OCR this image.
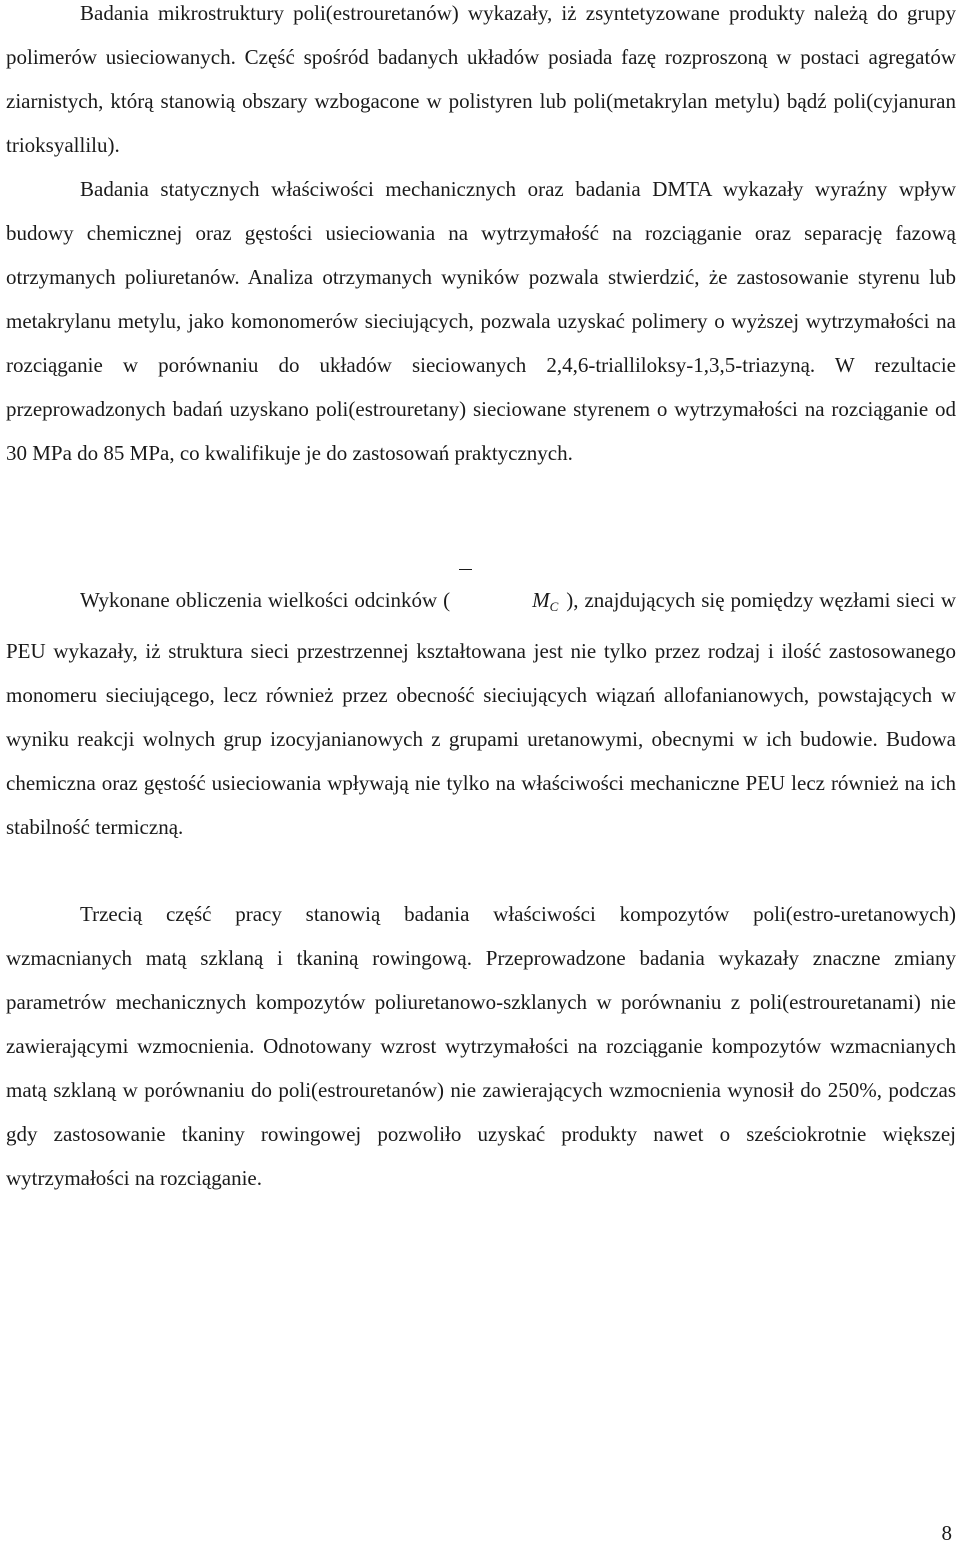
Badania mikrostruktury poli(estrouretanów) wykazały, iż zsyntetyzowane produkty należą do grupy polimerów usieciowanych. Część spośród badanych układów posiada fazę rozproszoną w postaci agregatów ziarnistych, którą stanowią obszary wzbogacone w polistyren lub poli(metakrylan metylu) bądź poli(cyjanuran trioksyallilu).

Badania statycznych właściwości mechanicznych oraz badania DMTA wykazały wyraźny wpływ budowy chemicznej oraz gęstości usieciowania na wytrzymałość na rozciąganie oraz separację fazową otrzymanych poliuretanów. Analiza otrzymanych wyników pozwala stwierdzić, że zastosowanie styrenu lub metakrylanu metylu, jako komonomerów sieciujących, pozwala uzyskać polimery o wyższej wytrzymałości na rozciąganie w porównaniu do układów sieciowanych 2,4,6-trialliloksy-1,3,5-triazyną. W rezultacie przeprowadzonych badań uzyskano poli(estrouretany) sieciowane styrenem o wytrzymałości na rozciąganie od 30 MPa do 85 MPa, co kwalifikuje je do zastosowań praktycznych.

Wykonane obliczenia wielkości odcinków (	$M_C$ ), znajdujących się pomiędzy węzłami sieci w PEU wykazały, iż struktura sieci przestrzennej kształtowana jest nie tylko przez rodzaj i ilość zastosowanego monomeru sieciującego, lecz również przez obecność sieciujących wiązań allofanianowych, powstających w wyniku reakcji wolnych grup izocyjanianowych z grupami uretanowymi, obecnymi w ich budowie. Budowa chemiczna oraz gęstość usieciowania wpływają nie tylko na właściwości mechaniczne PEU lecz również na ich stabilność termiczną.

Trzecią część pracy stanowią badania właściwości kompozytów poli(estro-uretanowych) wzmacnianych matą szklaną i tkaniną rowingową. Przeprowadzone badania wykazały znaczne zmiany parametrów mechanicznych kompozytów poliuretanowo-szklanych w porównaniu z poli(estrouretanami) nie zawierającymi wzmocnienia. Odnotowany wzrost wytrzymałości na rozciąganie kompozytów wzmacnianych matą szklaną w porównaniu do poli(estrouretanów) nie zawierających wzmocnienia wynosił do 250%, podczas gdy zastosowanie tkaniny rowingowej pozwoliło uzyskać produkty nawet o sześciokrotnie większej wytrzymałości na rozciąganie.

8
